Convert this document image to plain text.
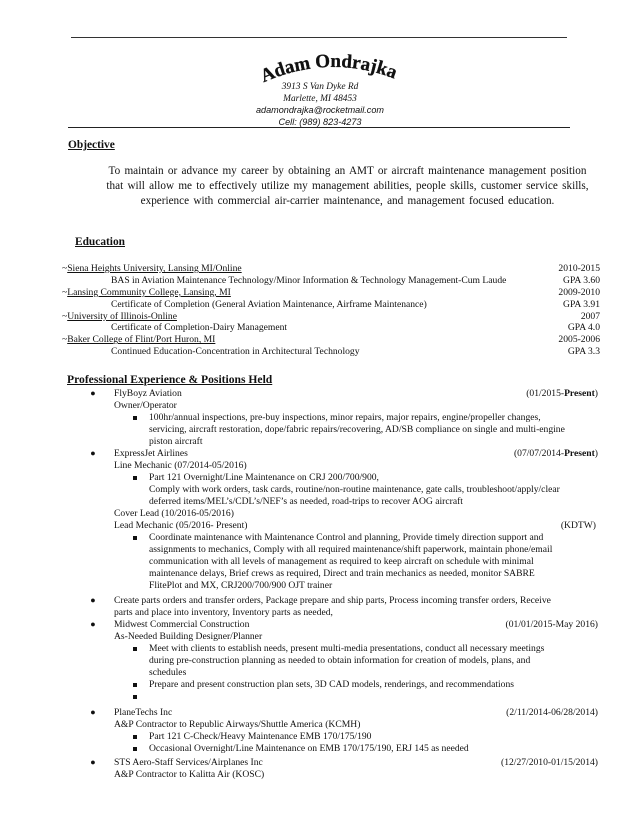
Adam Ondrajka
3913 S Van Dyke Rd
Marlette, MI 48453
adamondrajka@rocketmail.com
Cell: (989) 823-4273
Objective
To maintain or advance my career by obtaining an AMT or aircraft maintenance management position that will allow me to effectively utilize my management abilities, people skills, customer service skills, experience with commercial air-carrier maintenance, and management focused education.
Education
~Siena Heights University, Lansing MI/Online	2010-2015
BAS in Aviation Maintenance Technology/Minor Information & Technology Management-Cum Laude	GPA 3.60
~Lansing Community College, Lansing, MI	2009-2010
Certificate of Completion (General Aviation Maintenance, Airframe Maintenance)	GPA 3.91
~University of Illinois-Online	2007
Certificate of Completion-Dairy Management	GPA 4.0
~Baker College of Flint/Port Huron, MI	2005-2006
Continued Education-Concentration in Architectural Technology	GPA 3.3
Professional Experience & Positions Held
● FlyBoyz Aviation	(01/2015-Present)
Owner/Operator
100hr/annual inspections, pre-buy inspections, minor repairs, major repairs, engine/propeller changes,
servicing, aircraft restoration, dope/fabric repairs/recovering, AD/SB compliance on single and multi-engine
piston aircraft
● ExpressJet Airlines	(07/07/2014-Present)
Line Mechanic (07/2014-05/2016)
Part 121 Overnight/Line Maintenance on CRJ 200/700/900,
Comply with work orders, task cards, routine/non-routine maintenance, gate calls, troubleshoot/apply/clear
deferred items/MEL’s/CDL’s/NEF’s as needed, road-trips to recover AOG aircraft
Cover Lead (10/2016-05/2016)
Lead Mechanic (05/2016- Present)	(KDTW)
Coordinate maintenance with Maintenance Control and planning, Provide timely direction support and
assignments to mechanics, Comply with all required maintenance/shift paperwork, maintain phone/email
communication with all levels of management as required to keep aircraft on schedule with minimal
maintenance delays, Brief crews as required, Direct and train mechanics as needed, monitor SABRE
FlitePlot and MX, CRJ200/700/900 OJT trainer
● Create parts orders and transfer orders, Package prepare and ship parts, Process incoming transfer orders, Receive
parts and place into inventory, Inventory parts as needed,
● Midwest Commercial Construction	(01/01/2015-May 2016)
As-Needed Building Designer/Planner
Meet with clients to establish needs, present multi-media presentations, conduct all necessary meetings
during pre-construction planning as needed to obtain information for creation of models, plans, and
schedules
Prepare and present construction plan sets, 3D CAD models, renderings, and recommendations
● PlaneTechs Inc	(2/11/2014-06/28/2014)
A&P Contractor to Republic Airways/Shuttle America (KCMH)
Part 121 C-Check/Heavy Maintenance EMB 170/175/190
Occasional Overnight/Line Maintenance on EMB 170/175/190, ERJ 145 as needed
● STS Aero-Staff Services/Airplanes Inc	(12/27/2010-01/15/2014)
A&P Contractor to Kalitta Air (KOSC)
